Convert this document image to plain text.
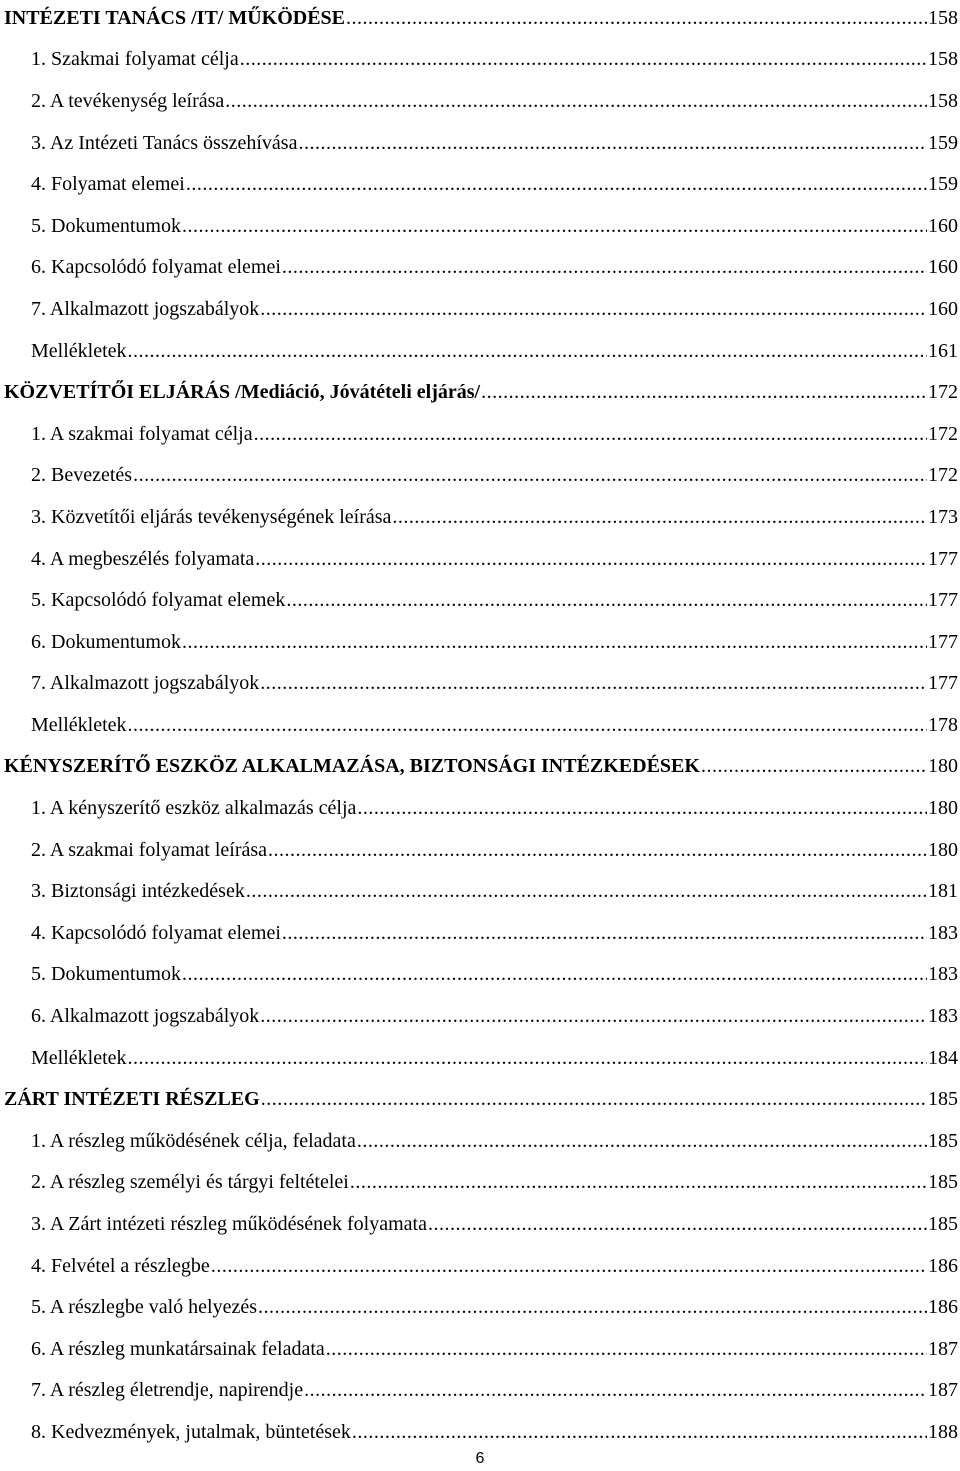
INTÉZETI TANÁCS /IT/ MŰKÖDÉSE .....	158
1. Szakmai folyamat célja .....	158
2. A tevékenység leírása .....	158
3. Az Intézeti Tanács összehívása .....	159
4. Folyamat elemei .....	159
5. Dokumentumok .....	160
6. Kapcsolódó folyamat elemei .....	160
7. Alkalmazott jogszabályok .....	160
Mellékletek .....	161
KÖZVETÍTŐI ELJÁRÁS /Mediáció, Jóvátételi eljárás/ .....	172
1. A szakmai folyamat célja .....	172
2. Bevezetés .....	172
3. Közvetítői eljárás tevékenységének leírása .....	173
4. A megbeszélés folyamata .....	177
5. Kapcsolódó folyamat elemek .....	177
6. Dokumentumok .....	177
7. Alkalmazott jogszabályok .....	177
Mellékletek .....	178
KÉNYSZERÍTŐ ESZKÖZ ALKALMAZÁSA, BIZTONSÁGI INTÉZKEDÉSEK .....	180
1. A kényszerítő eszköz alkalmazás célja .....	180
2. A szakmai folyamat leírása .....	180
3. Biztonsági intézkedések .....	181
4. Kapcsolódó folyamat elemei .....	183
5. Dokumentumok .....	183
6. Alkalmazott jogszabályok .....	183
Mellékletek .....	184
ZÁRT INTÉZETI RÉSZLEG .....	185
1. A részleg működésének célja, feladata .....	185
2. A részleg személyi és tárgyi feltételei .....	185
3. A Zárt intézeti részleg működésének folyamata .....	185
4. Felvétel a részlegbe .....	186
5. A részlegbe való helyezés .....	186
6. A részleg munkatársainak feladata .....	187
7. A részleg életrendje, napirendje .....	187
8. Kedvezmények, jutalmak, büntetések .....	188
6
